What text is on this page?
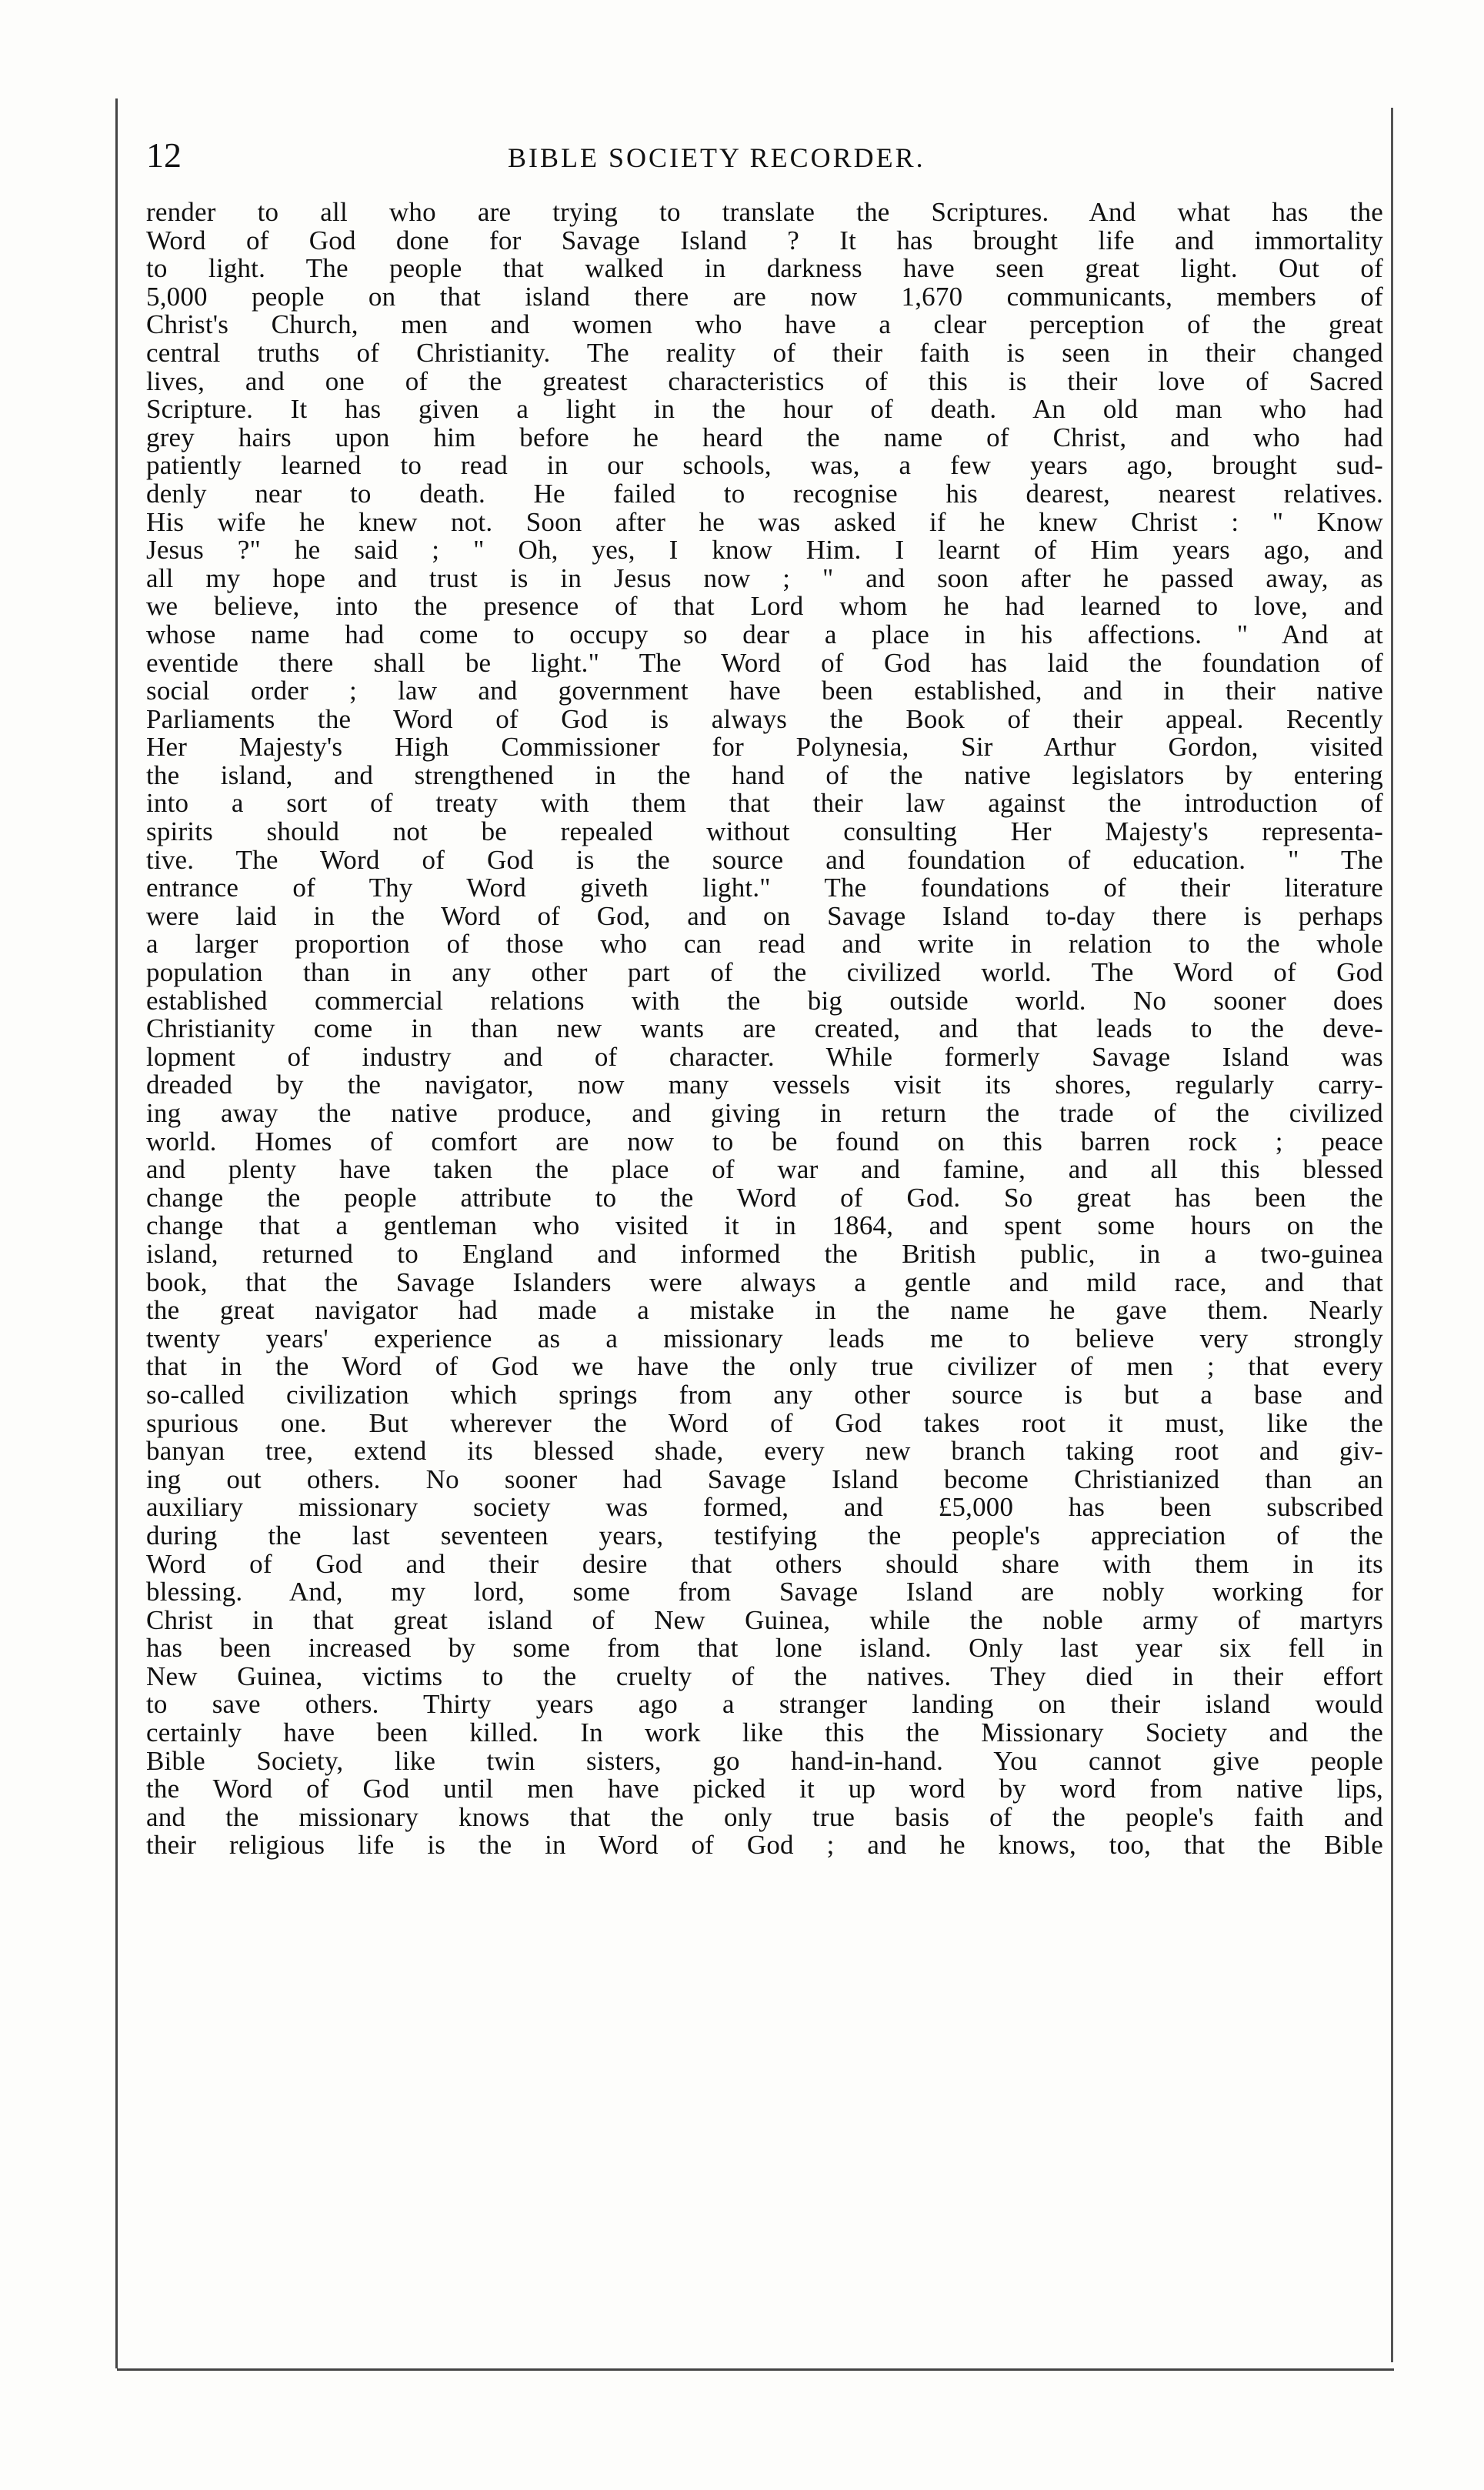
12	BIBLE SOCIETY RECORDER.
render to all who are trying to translate the Scriptures. And what has the
Word of God done for Savage Island ? It has brought life and immortality
to light. The people that walked in darkness have seen great light. Out of
5,000 people on that island there are now 1,670 communicants, members of
Christ's Church, men and women who have a clear perception of the great
central truths of Christianity. The reality of their faith is seen in their changed
lives, and one of the greatest characteristics of this is their love of Sacred
Scripture. It has given a light in the hour of death. An old man who had
grey hairs upon him before he heard the name of Christ, and who had
patiently learned to read in our schools, was, a few years ago, brought sud-
denly near to death. He failed to recognise his dearest, nearest relatives.
His wife he knew not. Soon after he was asked if he knew Christ : " Know
Jesus ?" he said ; " Oh, yes, I know Him. I learnt of Him years ago, and
all my hope and trust is in Jesus now ; " and soon after he passed away, as
we believe, into the presence of that Lord whom he had learned to love, and
whose name had come to occupy so dear a place in his affections. " And at
eventide there shall be light." The Word of God has laid the foundation of
social order ; law and government have been established, and in their native
Parliaments the Word of God is always the Book of their appeal. Recently
Her Majesty's High Commissioner for Polynesia, Sir Arthur Gordon, visited
the island, and strengthened in the hand of the native legislators by entering
into a sort of treaty with them that their law against the introduction of
spirits should not be repealed without consulting Her Majesty's representa-
tive. The Word of God is the source and foundation of education. " The
entrance of Thy Word giveth light." The foundations of their literature
were laid in the Word of God, and on Savage Island to-day there is perhaps
a larger proportion of those who can read and write in relation to the whole
population than in any other part of the civilized world. The Word of God
established commercial relations with the big outside world. No sooner does
Christianity come in than new wants are created, and that leads to the deve-
lopment of industry and of character. While formerly Savage Island was
dreaded by the navigator, now many vessels visit its shores, regularly carry-
ing away the native produce, and giving in return the trade of the civilized
world. Homes of comfort are now to be found on this barren rock ; peace
and plenty have taken the place of war and famine, and all this blessed
change the people attribute to the Word of God. So great has been the
change that a gentleman who visited it in 1864, and spent some hours on the
island, returned to England and informed the British public, in a two-guinea
book, that the Savage Islanders were always a gentle and mild race, and that
the great navigator had made a mistake in the name he gave them. Nearly
twenty years' experience as a missionary leads me to believe very strongly
that in the Word of God we have the only true civilizer of men ; that every
so-called civilization which springs from any other source is but a base and
spurious one. But wherever the Word of God takes root it must, like the
banyan tree, extend its blessed shade, every new branch taking root and giv-
ing out others. No sooner had Savage Island become Christianized than an
auxiliary missionary society was formed, and £5,000 has been subscribed
during the last seventeen years, testifying the people's appreciation of the
Word of God and their desire that others should share with them in its
blessing. And, my lord, some from Savage Island are nobly working for
Christ in that great island of New Guinea, while the noble army of martyrs
has been increased by some from that lone island. Only last year six fell in
New Guinea, victims to the cruelty of the natives. They died in their effort
to save others. Thirty years ago a stranger landing on their island would
certainly have been killed. In work like this the Missionary Society and the
Bible Society, like twin sisters, go hand-in-hand. You cannot give people
the Word of God until men have picked it up word by word from native lips,
and the missionary knows that the only true basis of the people's faith and
their religious life is the in Word of God ; and he knows, too, that the Bible
